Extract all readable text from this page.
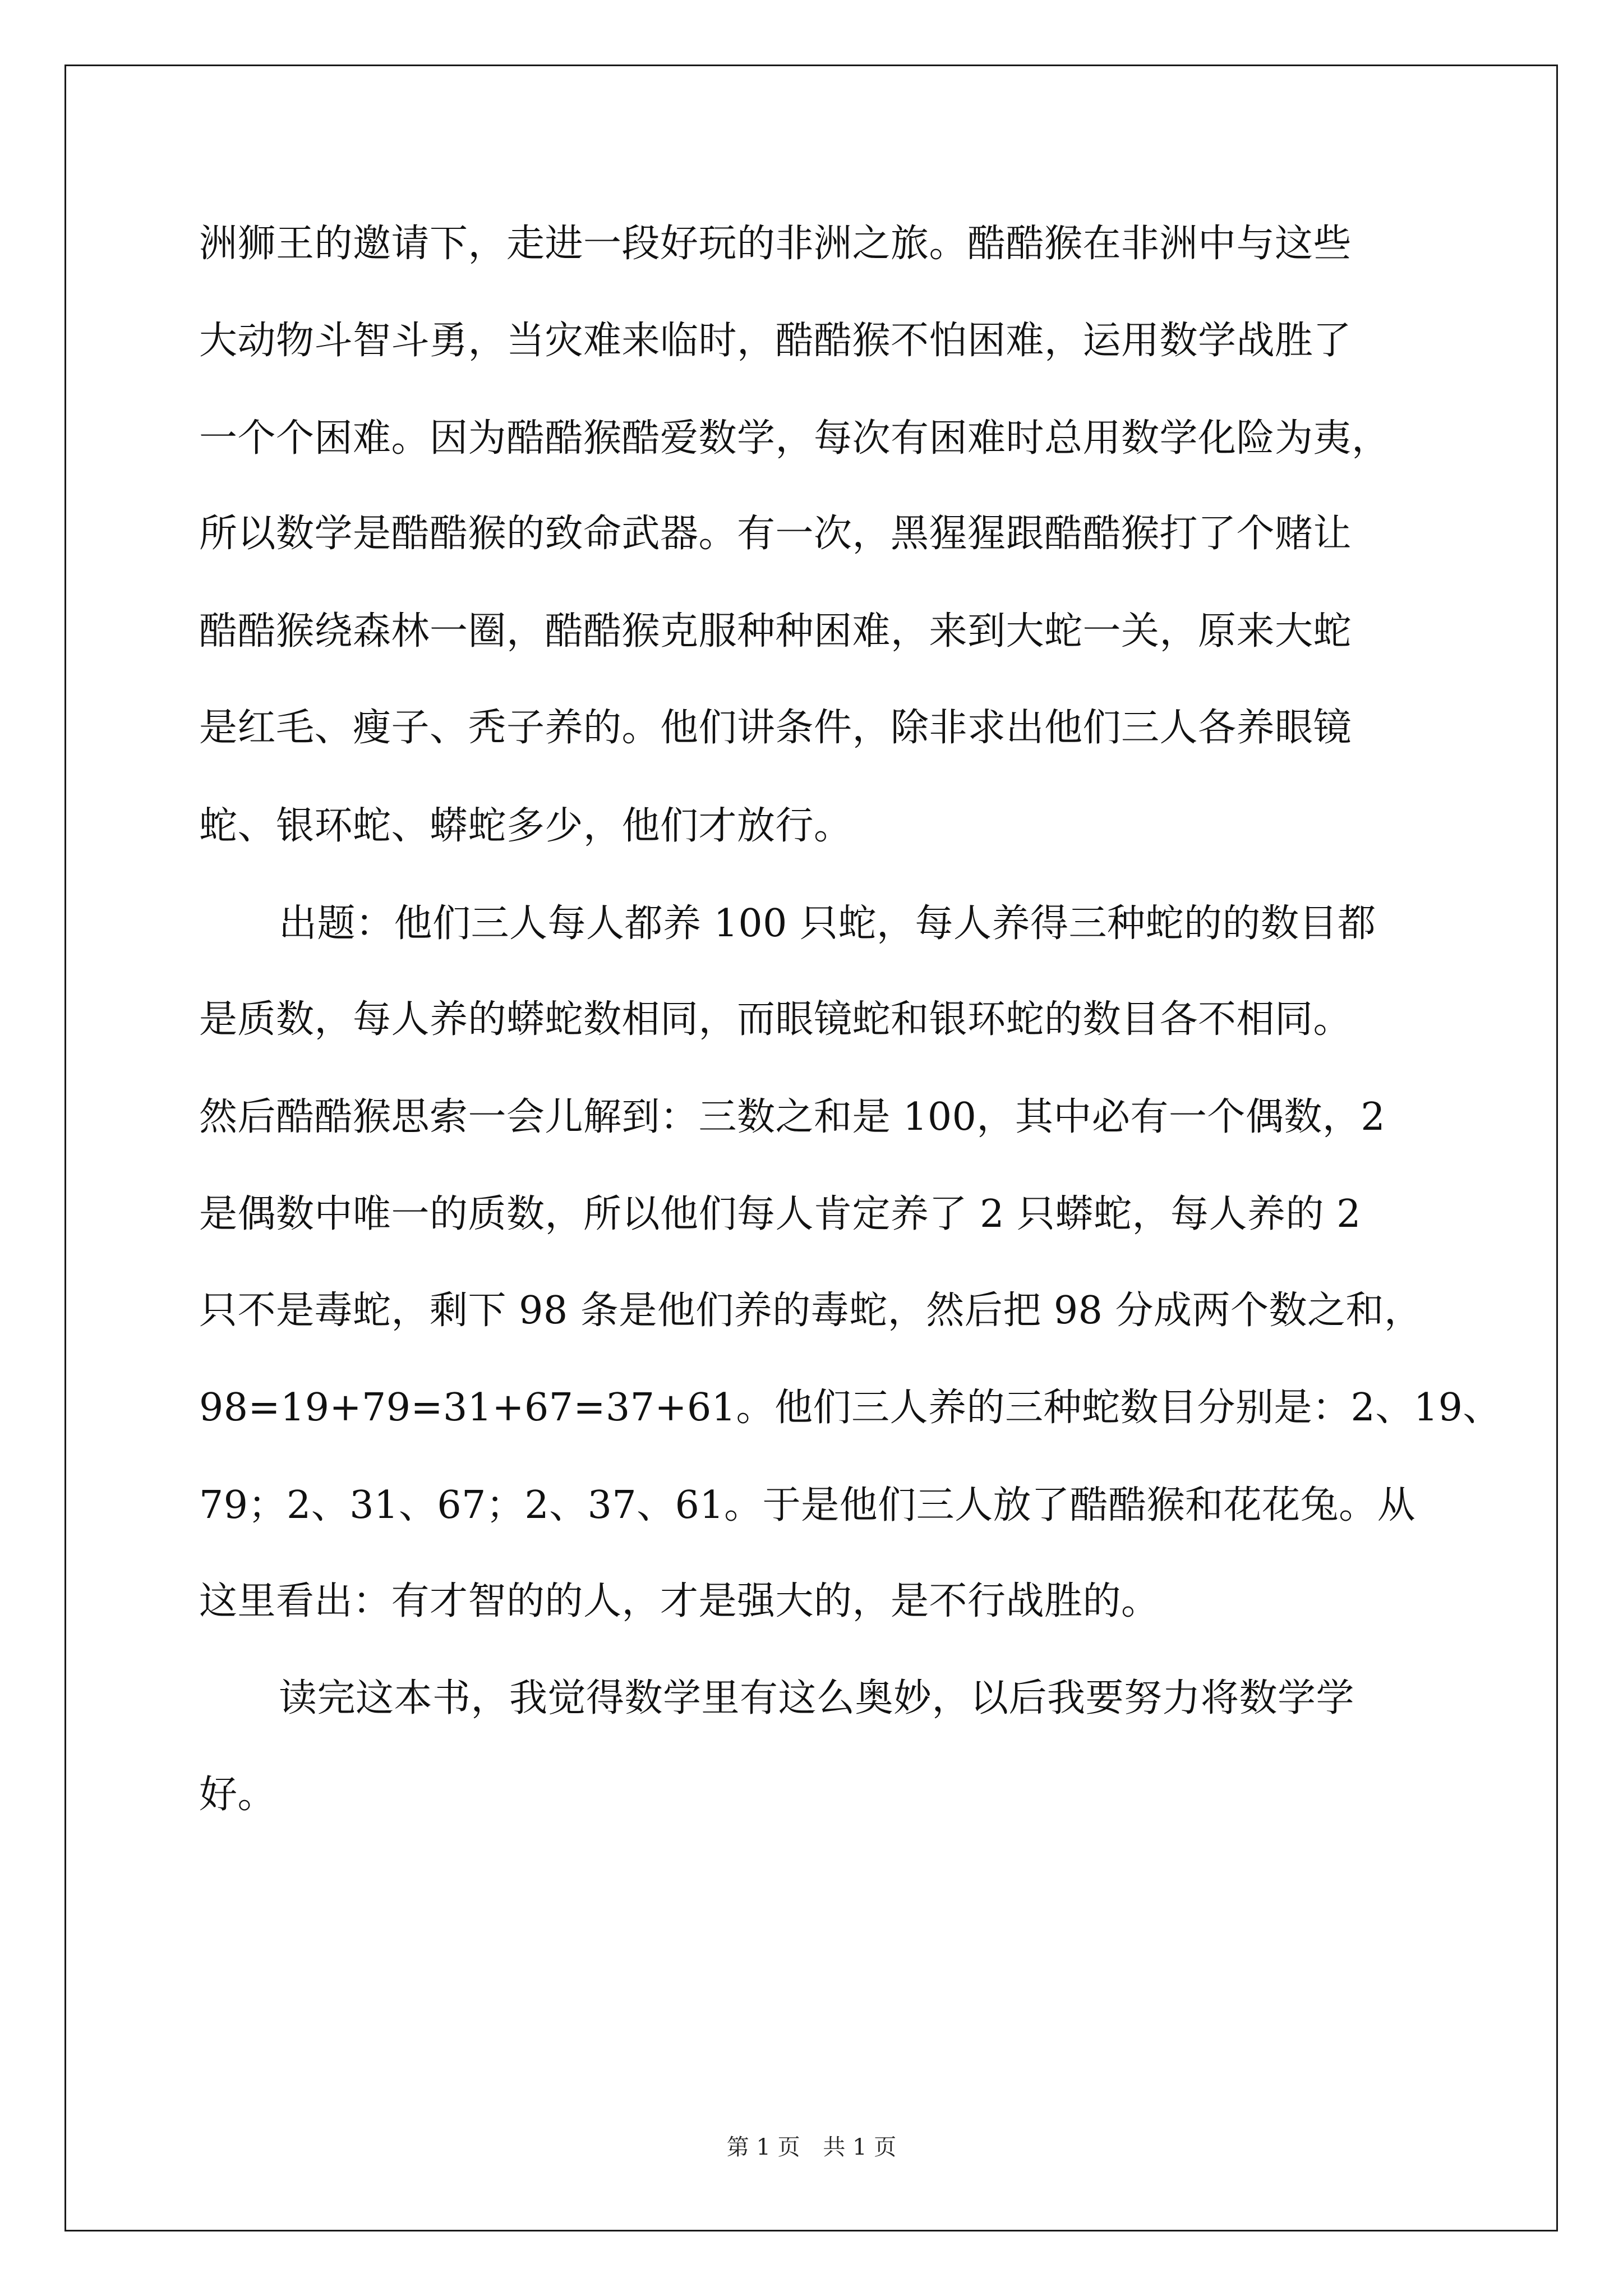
洲狮王的邀请下，走进一段好玩的非洲之旅。酷酷猴在非洲中与这些
大动物斗智斗勇，当灾难来临时，酷酷猴不怕困难，运用数学战胜了
一个个困难。因为酷酷猴酷爱数学，每次有困难时总用数学化险为夷，
所以数学是酷酷猴的致命武器。有一次，黑猩猩跟酷酷猴打了个赌让
酷酷猴绕森林一圈，酷酷猴克服种种困难，来到大蛇一关，原来大蛇
是红毛、瘦子、秃子养的。他们讲条件，除非求出他们三人各养眼镜
蛇、银环蛇、蟒蛇多少，他们才放行。
出题：他们三人每人都养 100 只蛇，每人养得三种蛇的的数目都
是质数，每人养的蟒蛇数相同，而眼镜蛇和银环蛇的数目各不相同。
然后酷酷猴思索一会儿解到：三数之和是 100，其中必有一个偶数，2
是偶数中唯一的质数，所以他们每人肯定养了 2 只蟒蛇，每人养的 2
只不是毒蛇，剩下 98 条是他们养的毒蛇，然后把 98 分成两个数之和，
98=19+79=31+67=37+61。他们三人养的三种蛇数目分别是：2、19、
79；2、31、67；2、37、61。于是他们三人放了酷酷猴和花花兔。从
这里看出：有才智的的人，才是强大的，是不行战胜的。
读完这本书，我觉得数学里有这么奥妙，以后我要努力将数学学
好。
第 1 页 共 1 页
